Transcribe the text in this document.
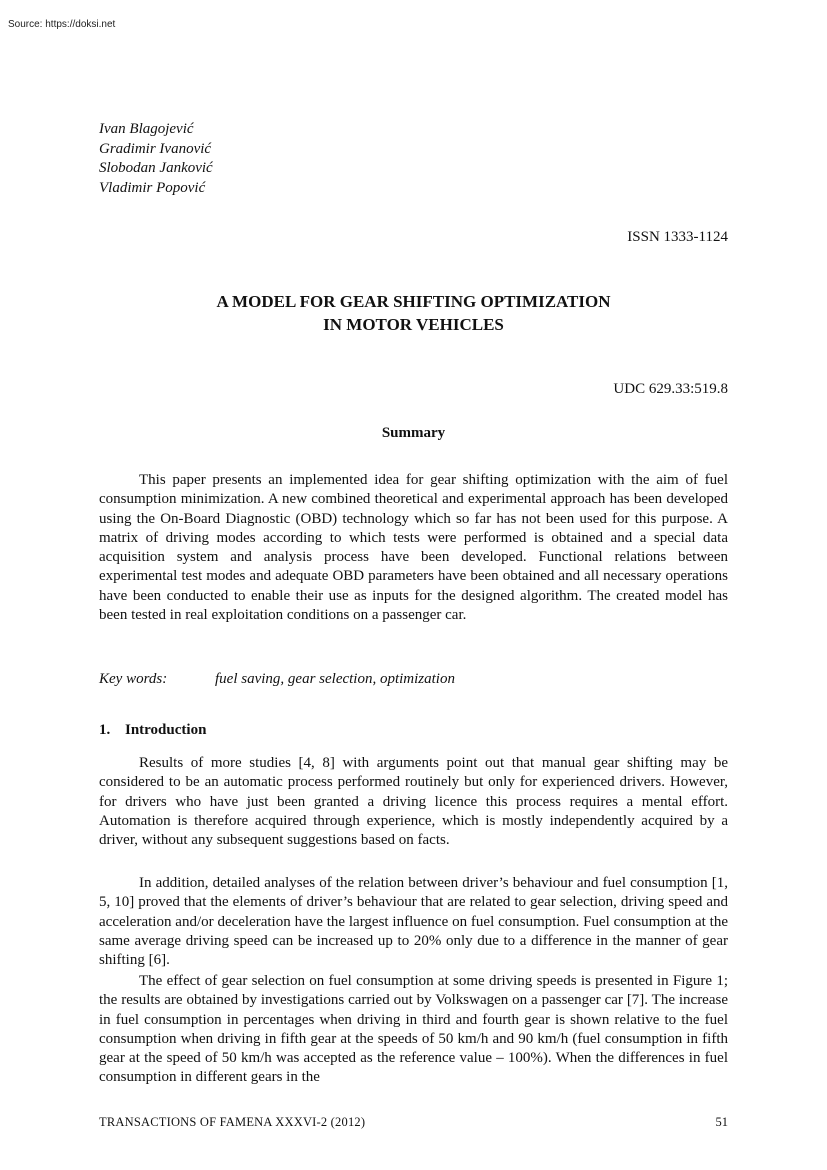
Source: https://doksi.net
Ivan Blagojević
Gradimir Ivanović
Slobodan Janković
Vladimir Popović
ISSN 1333-1124
A MODEL FOR GEAR SHIFTING OPTIMIZATION
IN MOTOR VEHICLES
UDC 629.33:519.8
Summary
This paper presents an implemented idea for gear shifting optimization with the aim of fuel consumption minimization. A new combined theoretical and experimental approach has been developed using the On-Board Diagnostic (OBD) technology which so far has not been used for this purpose. A matrix of driving modes according to which tests were performed is obtained and a special data acquisition system and analysis process have been developed. Functional relations between experimental test modes and adequate OBD parameters have been obtained and all necessary operations have been conducted to enable their use as inputs for the designed algorithm. The created model has been tested in real exploitation conditions on a passenger car.
Key words:	fuel saving, gear selection, optimization
1. Introduction
Results of more studies [4, 8] with arguments point out that manual gear shifting may be considered to be an automatic process performed routinely but only for experienced drivers. However, for drivers who have just been granted a driving licence this process requires a mental effort. Automation is therefore acquired through experience, which is mostly independently acquired by a driver, without any subsequent suggestions based on facts.
In addition, detailed analyses of the relation between driver’s behaviour and fuel consumption [1, 5, 10] proved that the elements of driver’s behaviour that are related to gear selection, driving speed and acceleration and/or deceleration have the largest influence on fuel consumption. Fuel consumption at the same average driving speed can be increased up to 20% only due to a difference in the manner of gear shifting [6].
The effect of gear selection on fuel consumption at some driving speeds is presented in Figure 1; the results are obtained by investigations carried out by Volkswagen on a passenger car [7]. The increase in fuel consumption in percentages when driving in third and fourth gear is shown relative to the fuel consumption when driving in fifth gear at the speeds of 50 km/h and 90 km/h (fuel consumption in fifth gear at the speed of 50 km/h was accepted as the reference value – 100%). When the differences in fuel consumption in different gears in the
TRANSACTIONS OF FAMENA XXXVI-2 (2012)	51
